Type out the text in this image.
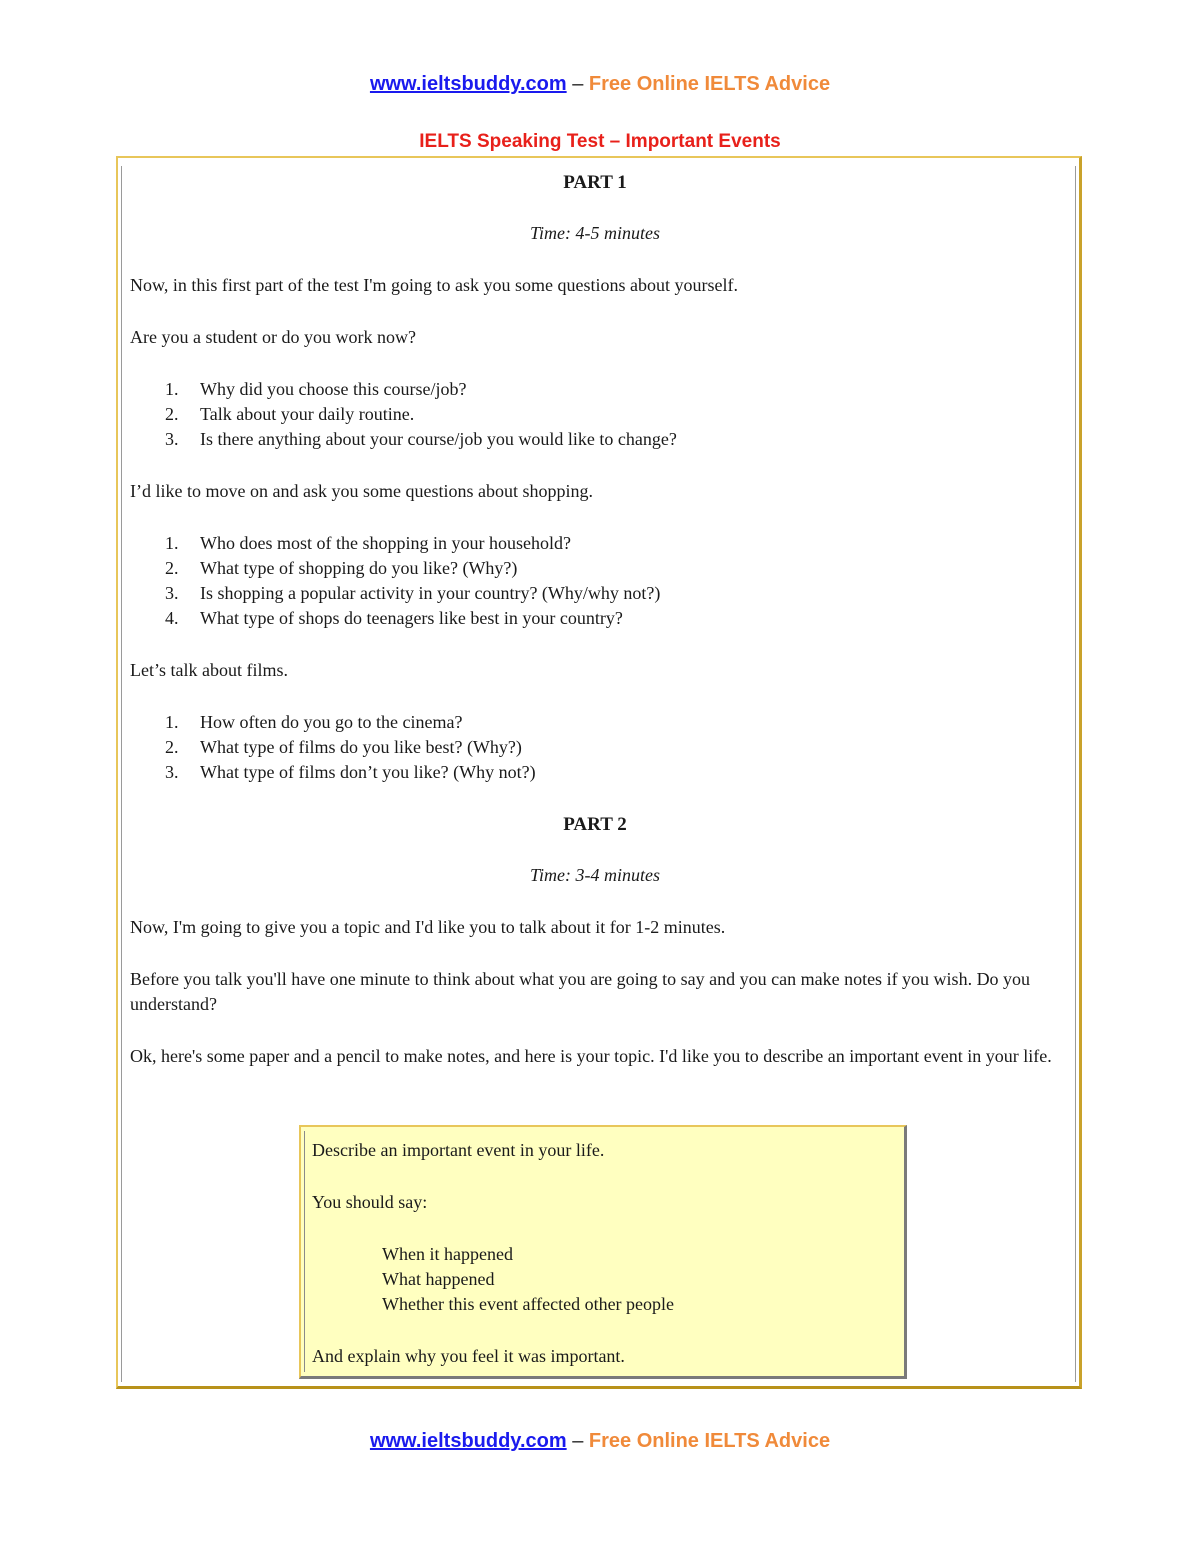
www.ieltsbuddy.com – Free Online IELTS Advice
IELTS Speaking Test – Important Events
PART 1
Time: 4-5 minutes

Now, in this first part of the test I'm going to ask you some questions about yourself.

Are you a student or do you work now?

1.	Why did you choose this course/job?
2.	Talk about your daily routine.
3.	Is there anything about your course/job you would like to change?

I’d like to move on and ask you some questions about shopping.

1.	Who does most of the shopping in your household?
2.	What type of shopping do you like? (Why?)
3.	Is shopping a popular activity in your country? (Why/why not?)
4.	What type of shops do teenagers like best in your country?

Let’s talk about films.

1.	How often do you go to the cinema?
2.	What type of films do you like best? (Why?)
3.	What type of films don’t you like? (Why not?)
PART 2
Time: 3-4 minutes

Now, I'm going to give you a topic and I'd like you to talk about it for 1-2 minutes.

Before you talk you'll have one minute to think about what you are going to say and you can make notes if you wish. Do you understand?

Ok, here's some paper and a pencil to make notes, and here is your topic. I'd like you to describe an important event in your life.

Describe an important event in your life.

You should say:

When it happened
What happened
Whether this event affected other people

And explain why you feel it was important.

www.ieltsbuddy.com – Free Online IELTS Advice
